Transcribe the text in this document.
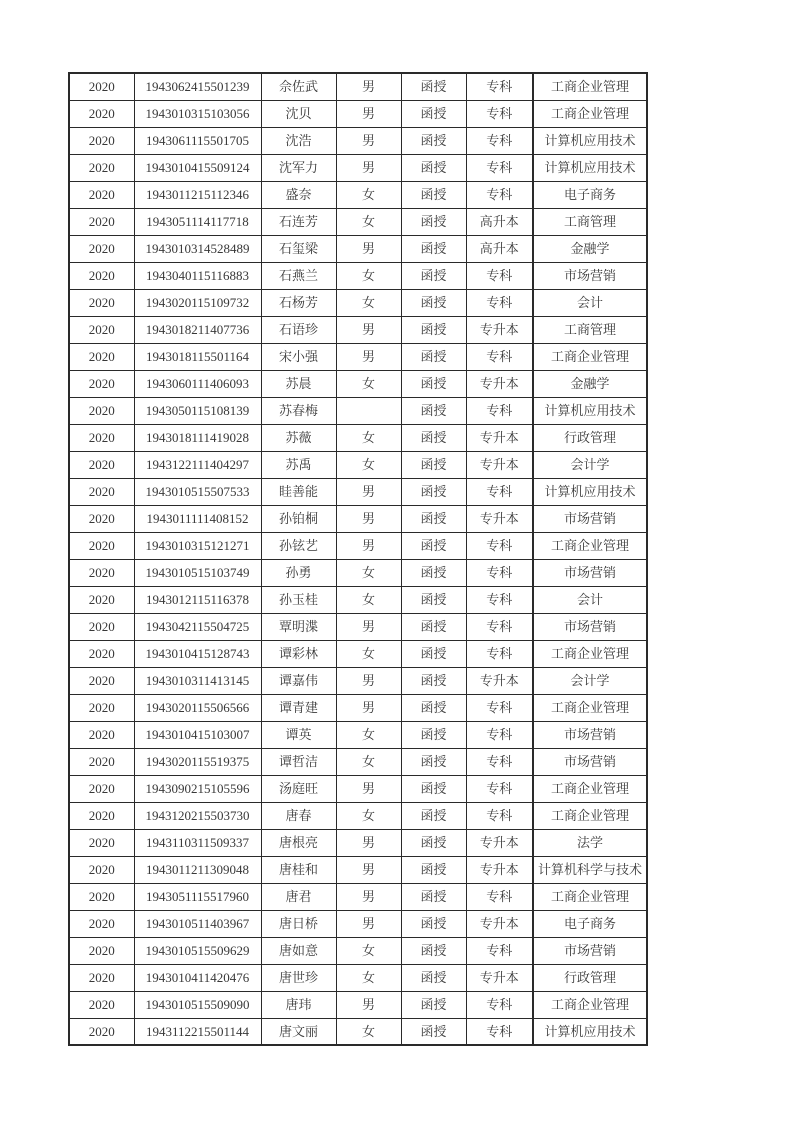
2020	1943062415501239	佘佐武	男	函授	专科	工商企业管理
2020	1943010315103056	沈贝	男	函授	专科	工商企业管理
2020	1943061115501705	沈浩	男	函授	专科	计算机应用技术
2020	1943010415509124	沈军力	男	函授	专科	计算机应用技术
2020	1943011215112346	盛奈	女	函授	专科	电子商务
2020	1943051114117718	石连芳	女	函授	高升本	工商管理
2020	1943010314528489	石玺梁	男	函授	高升本	金融学
2020	1943040115116883	石燕兰	女	函授	专科	市场营销
2020	1943020115109732	石杨芳	女	函授	专科	会计
2020	1943018211407736	石语珍	男	函授	专升本	工商管理
2020	1943018115501164	宋小强	男	函授	专科	工商企业管理
2020	1943060111406093	苏晨	女	函授	专升本	金融学
2020	1943050115108139	苏春梅		函授	专科	计算机应用技术
2020	1943018111419028	苏薇	女	函授	专升本	行政管理
2020	1943122111404297	苏禹	女	函授	专升本	会计学
2020	1943010515507533	眭善能	男	函授	专科	计算机应用技术
2020	1943011111408152	孙铂桐	男	函授	专升本	市场营销
2020	1943010315121271	孙铉艺	男	函授	专科	工商企业管理
2020	1943010515103749	孙勇	女	函授	专科	市场营销
2020	1943012115116378	孙玉桂	女	函授	专科	会计
2020	1943042115504725	覃明渫	男	函授	专科	市场营销
2020	1943010415128743	谭彩林	女	函授	专科	工商企业管理
2020	1943010311413145	谭嘉伟	男	函授	专升本	会计学
2020	1943020115506566	谭青建	男	函授	专科	工商企业管理
2020	1943010415103007	谭英	女	函授	专科	市场营销
2020	1943020115519375	谭哲洁	女	函授	专科	市场营销
2020	1943090215105596	汤庭旺	男	函授	专科	工商企业管理
2020	1943120215503730	唐春	女	函授	专科	工商企业管理
2020	1943110311509337	唐根亮	男	函授	专升本	法学
2020	1943011211309048	唐桂和	男	函授	专升本	计算机科学与技术
2020	1943051115517960	唐君	男	函授	专科	工商企业管理
2020	1943010511403967	唐日桥	男	函授	专升本	电子商务
2020	1943010515509629	唐如意	女	函授	专科	市场营销
2020	1943010411420476	唐世珍	女	函授	专升本	行政管理
2020	1943010515509090	唐玮	男	函授	专科	工商企业管理
2020	1943112215501144	唐文丽	女	函授	专科	计算机应用技术
